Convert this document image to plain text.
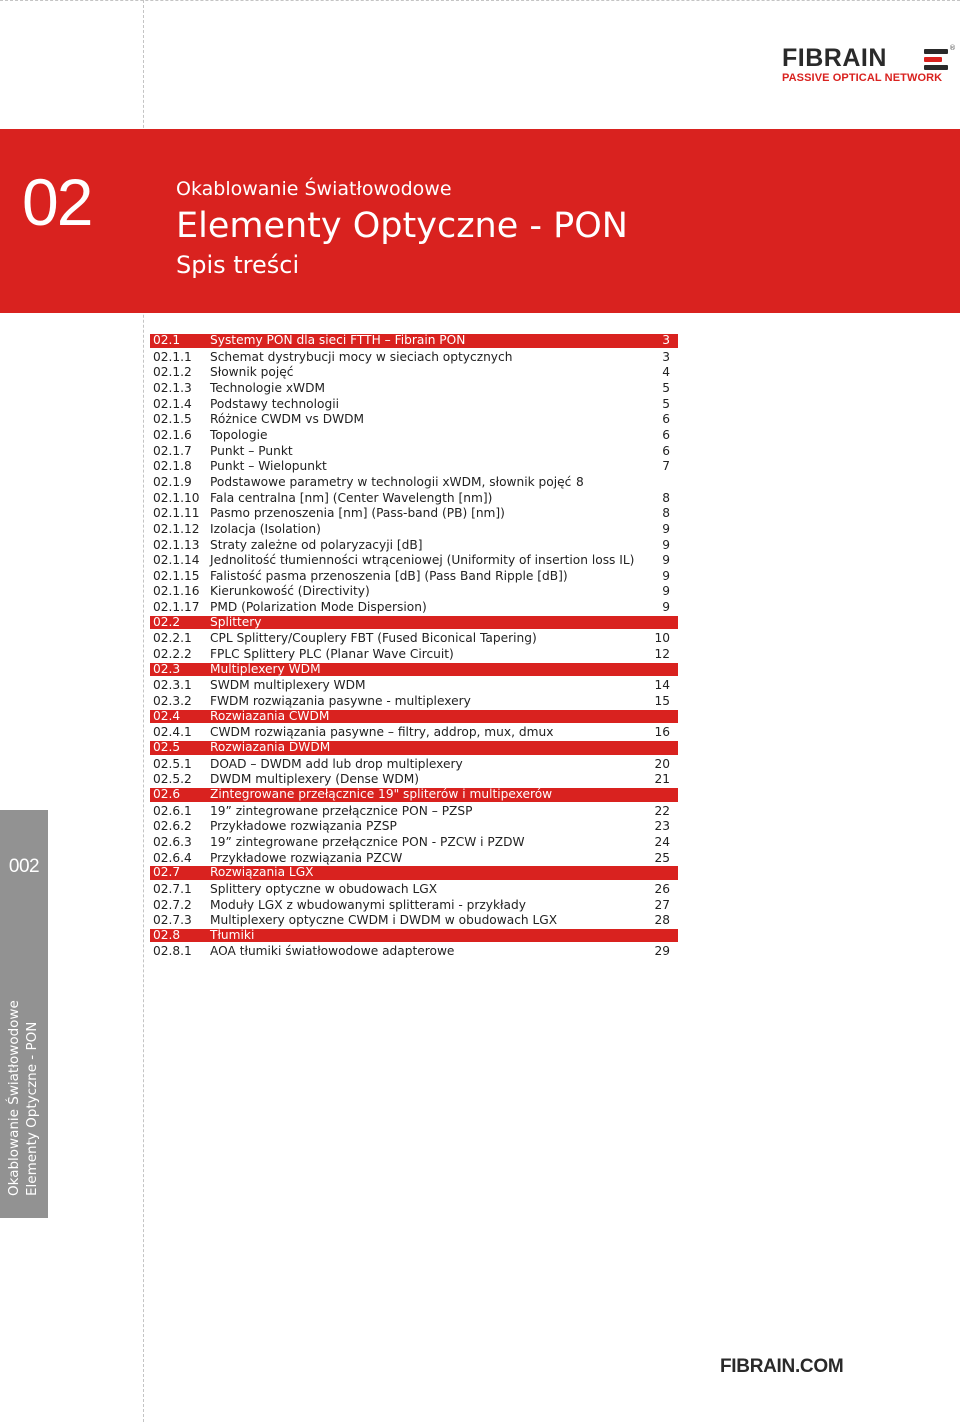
FIBRAIN	®
PASSIVE OPTICAL NETWORK
02	Okablowanie Światłowodowe
Elementy Optyczne - PON
Spis treści
02.1 Systemy PON dla sieci FTTH – Fibrain PON	3
02.1.1 Schemat dystrybucji mocy w sieciach optycznych	3
02.1.2 Słownik pojęć	4
02.1.3 Technologie xWDM	5
02.1.4 Podstawy technologii	5
02.1.5 Różnice CWDM vs DWDM	6
02.1.6 Topologie	6
02.1.7 Punkt – Punkt	6
02.1.8 Punkt – Wielopunkt	7
02.1.9 Podstawowe parametry w technologii xWDM, słownik pojęć 8
02.1.10 Fala centralna [nm] (Center Wavelength [nm])	8
02.1.11 Pasmo przenoszenia [nm] (Pass-band (PB) [nm])	8
02.1.12 Izolacja (Isolation)	9
02.1.13 Straty zależne od polaryzacyji [dB]	9
02.1.14 Jednolitość tłumienności wtrąceniowej (Uniformity of insertion loss IL) 9
02.1.15 Falistość pasma przenoszenia [dB] (Pass Band Ripple [dB])	9
02.1.16 Kierunkowość (Directivity)	9
02.1.17 PMD (Polarization Mode Dispersion)	9
02.2 Splittery
02.2.1 CPL Splittery/Couplery FBT (Fused Biconical Tapering)	10
02.2.2 FPLC Splittery PLC (Planar Wave Circuit)	12
02.3 Multiplexery WDM
02.3.1 SWDM multiplexery WDM	14
02.3.2 FWDM rozwiązania pasywne - multiplexery	15
02.4 Rozwiazania CWDM
02.4.1 CWDM rozwiązania pasywne – filtry, addrop, mux, dmux	16
02.5 Rozwiazania DWDM
02.5.1 DOAD – DWDM add lub drop multiplexery	20
02.5.2 DWDM multiplexery (Dense WDM)	21
02.6 Zintegrowane przełącznice 19" spliterów i multipexerów
02.6.1 19” zintegrowane przełącznice PON – PZSP	22
02.6.2 Przykładowe rozwiązania PZSP	23
02.6.3 19” zintegrowane przełącznice PON - PZCW i PZDW	24
02.6.4 Przykładowe rozwiązania PZCW	25
02.7 Rozwiązania LGX
02.7.1 Splittery optyczne w obudowach LGX	26
02.7.2 Moduły LGX z wbudowanymi splitterami - przykłady	27
02.7.3 Multiplexery optyczne CWDM i DWDM w obudowach LGX	28
02.8 Tłumiki
02.8.1 AOA tłumiki światłowodowe adapterowe	29
002
Okablowanie Światłowodowe Elementy Optyczne - PON
FIBRAIN.COM
